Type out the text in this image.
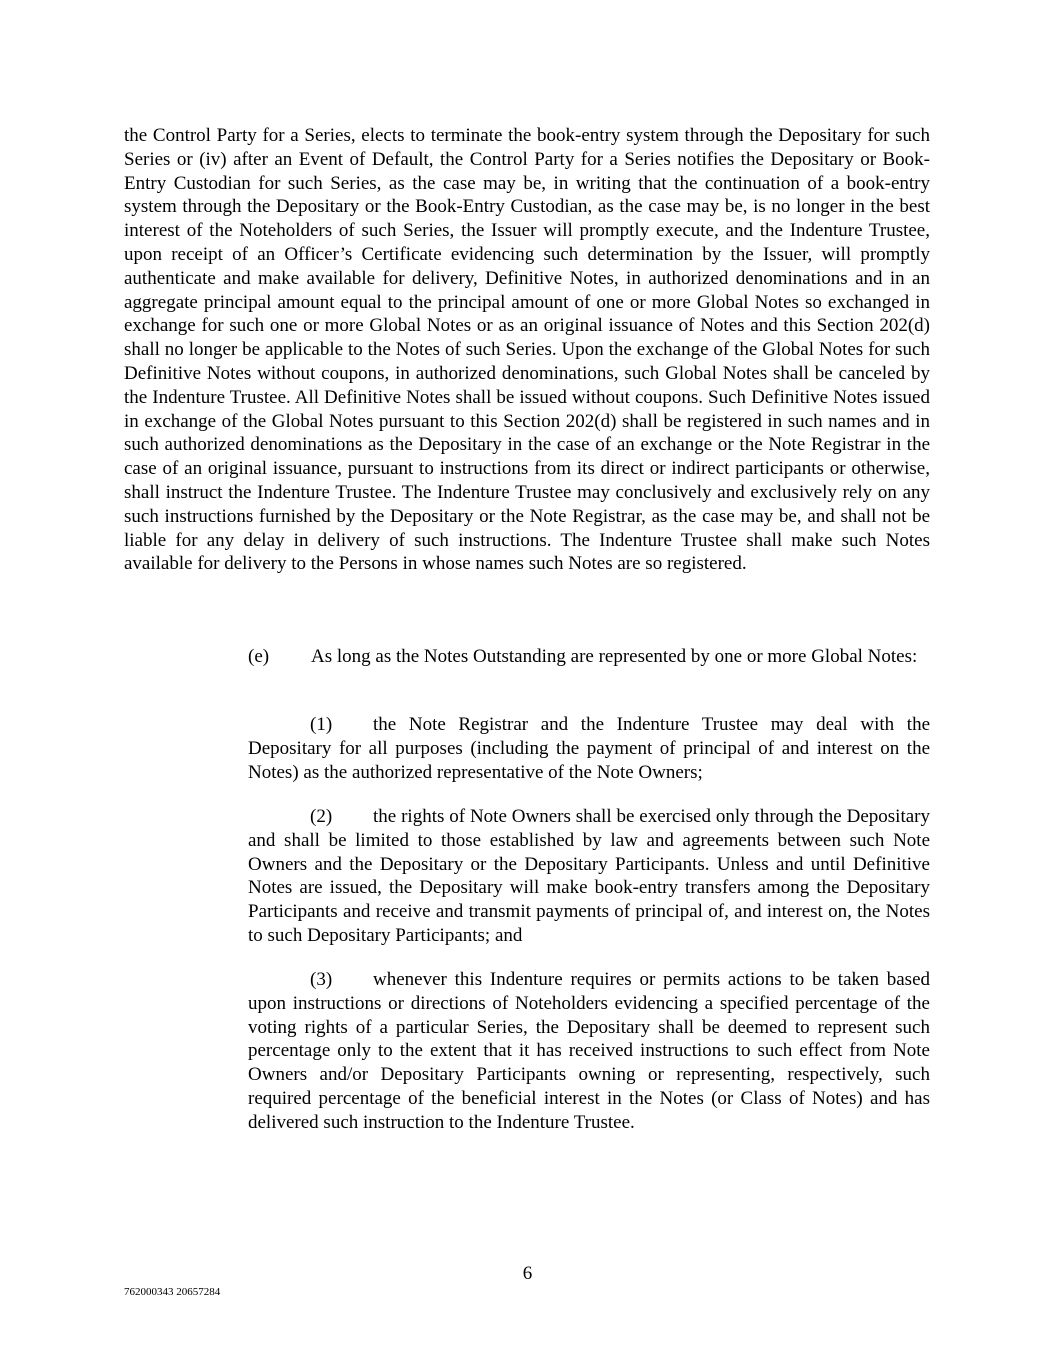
the Control Party for a Series, elects to terminate the book-entry system through the Depositary for such Series or (iv) after an Event of Default, the Control Party for a Series notifies the Depositary or Book-Entry Custodian for such Series, as the case may be, in writing that the continuation of a book-entry system through the Depositary or the Book-Entry Custodian, as the case may be, is no longer in the best interest of the Noteholders of such Series, the Issuer will promptly execute, and the Indenture Trustee, upon receipt of an Officer’s Certificate evidencing such determination by the Issuer, will promptly authenticate and make available for delivery, Definitive Notes, in authorized denominations and in an aggregate principal amount equal to the principal amount of one or more Global Notes so exchanged in exchange for such one or more Global Notes or as an original issuance of Notes and this Section 202(d) shall no longer be applicable to the Notes of such Series. Upon the exchange of the Global Notes for such Definitive Notes without coupons, in authorized denominations, such Global Notes shall be canceled by the Indenture Trustee. All Definitive Notes shall be issued without coupons. Such Definitive Notes issued in exchange of the Global Notes pursuant to this Section 202(d) shall be registered in such names and in such authorized denominations as the Depositary in the case of an exchange or the Note Registrar in the case of an original issuance, pursuant to instructions from its direct or indirect participants or otherwise, shall instruct the Indenture Trustee. The Indenture Trustee may conclusively and exclusively rely on any such instructions furnished by the Depositary or the Note Registrar, as the case may be, and shall not be liable for any delay in delivery of such instructions. The Indenture Trustee shall make such Notes available for delivery to the Persons in whose names such Notes are so registered.

(e) As long as the Notes Outstanding are represented by one or more Global Notes:

(1) the Note Registrar and the Indenture Trustee may deal with the Depositary for all purposes (including the payment of principal of and interest on the Notes) as the authorized representative of the Note Owners;

(2) the rights of Note Owners shall be exercised only through the Depositary and shall be limited to those established by law and agreements between such Note Owners and the Depositary or the Depositary Participants. Unless and until Definitive Notes are issued, the Depositary will make book-entry transfers among the Depositary Participants and receive and transmit payments of principal of, and interest on, the Notes to such Depositary Participants; and

(3) whenever this Indenture requires or permits actions to be taken based upon instructions or directions of Noteholders evidencing a specified percentage of the voting rights of a particular Series, the Depositary shall be deemed to represent such percentage only to the extent that it has received instructions to such effect from Note Owners and/or Depositary Participants owning or representing, respectively, such required percentage of the beneficial interest in the Notes (or Class of Notes) and has delivered such instruction to the Indenture Trustee.

6
762000343 20657284
